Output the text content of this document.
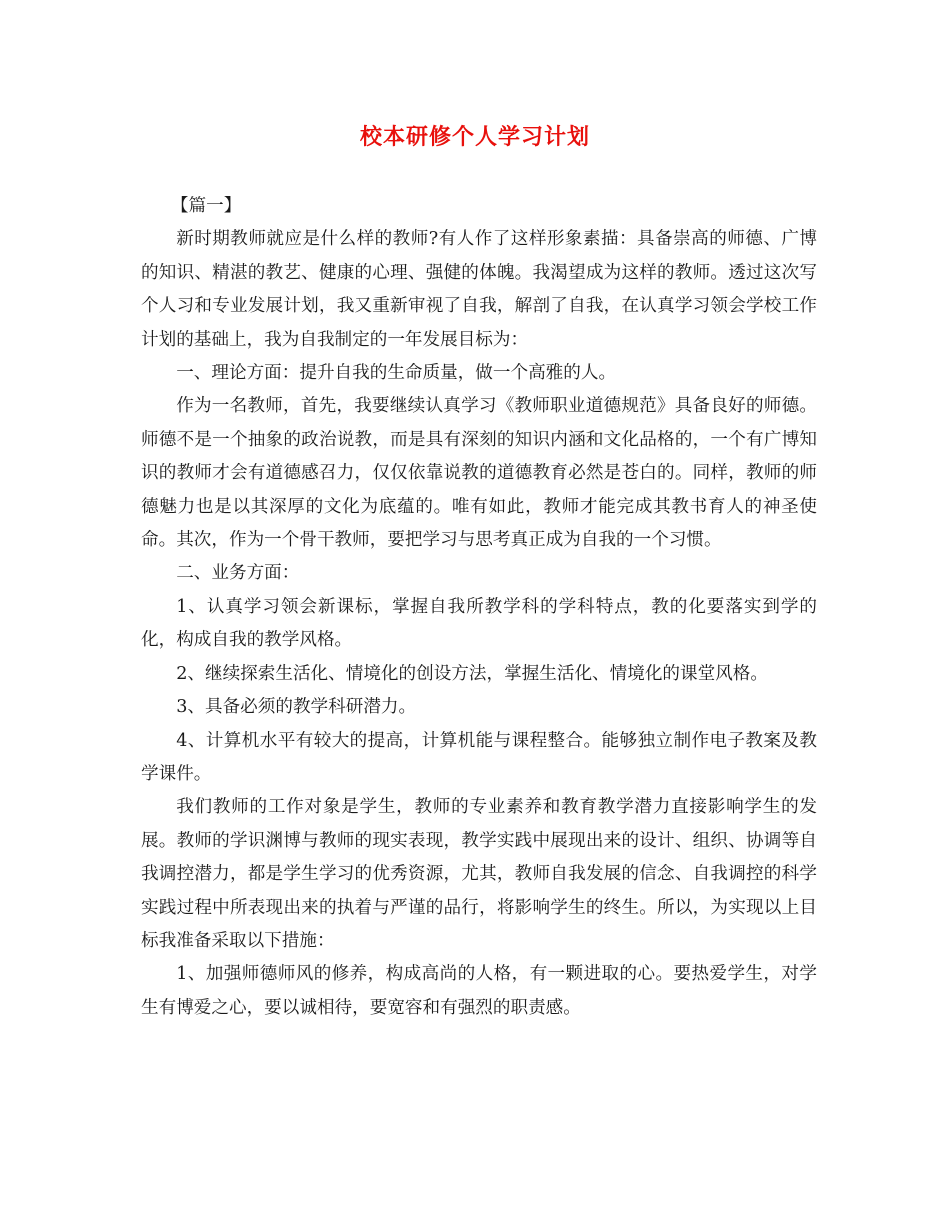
校本研修个人学习计划

【篇一】

新时期教师就应是什么样的教师?有人作了这样形象素描：具备崇高的师德、广博的知识、精湛的教艺、健康的心理、强健的体魄。我渴望成为这样的教师。透过这次写个人习和专业发展计划，我又重新审视了自我，解剖了自我，在认真学习领会学校工作计划的基础上，我为自我制定的一年发展目标为：

一、理论方面：提升自我的生命质量，做一个高雅的人。

作为一名教师，首先，我要继续认真学习《教师职业道德规范》具备良好的师德。师德不是一个抽象的政治说教，而是具有深刻的知识内涵和文化品格的，一个有广博知识的教师才会有道德感召力，仅仅依靠说教的道德教育必然是苍白的。同样，教师的师德魅力也是以其深厚的文化为底蕴的。唯有如此，教师才能完成其教书育人的神圣使命。其次，作为一个骨干教师，要把学习与思考真正成为自我的一个习惯。

二、业务方面：

1、认真学习领会新课标，掌握自我所教学科的学科特点，教的化要落实到学的化，构成自我的教学风格。

2、继续探索生活化、情境化的创设方法，掌握生活化、情境化的课堂风格。

3、具备必须的教学科研潜力。

4、计算机水平有较大的提高，计算机能与课程整合。能够独立制作电子教案及教学课件。

我们教师的工作对象是学生，教师的专业素养和教育教学潜力直接影响学生的发展。教师的学识渊博与教师的现实表现，教学实践中展现出来的设计、组织、协调等自我调控潜力，都是学生学习的优秀资源，尤其，教师自我发展的信念、自我调控的科学实践过程中所表现出来的执着与严谨的品行，将影响学生的终生。所以，为实现以上目标我准备采取以下措施：

1、加强师德师风的修养，构成高尚的人格，有一颗进取的心。要热爱学生，对学生有博爱之心，要以诚相待，要宽容和有强烈的职责感。
